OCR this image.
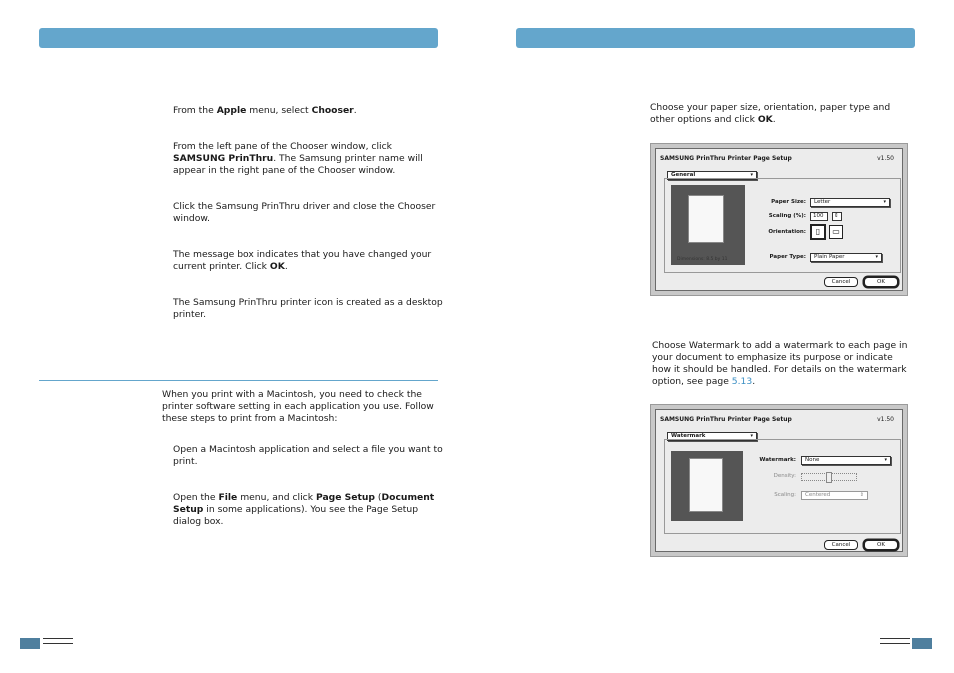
From the Apple menu, select Chooser.
From the left pane of the Chooser window, click SAMSUNG PrinThru. The Samsung printer name will appear in the right pane of the Chooser window.
Click the Samsung PrinThru driver and close the Chooser window.
The message box indicates that you have changed your current printer. Click OK.
The Samsung PrinThru printer icon is created as a desktop printer.
When you print with a Macintosh, you need to check the printer software setting in each application you use. Follow these steps to print from a Macintosh:
Open a Macintosh application and select a file you want to print.
Open the File menu, and click Page Setup (Document Setup in some applications). You see the Page Setup dialog box.
Choose your paper size, orientation, paper type and other options and click OK.
Choose Watermark to add a watermark to each page in your document to emphasize its purpose or indicate how it should be handled. For details on the watermark option, see page 5.13.
SAMSUNG PrinThru Printer Page Setup	v1.50
General	▾
Dimensions: 8.5 by 11
Paper Size:	Letter	▾
Scaling (%):	100	⇕
Orientation:	▯	▭
Paper Type:	Plain Paper	▾
Cancel	OK
SAMSUNG PrinThru Printer Page Setup	v1.50
Watermark	▾
Watermark:	None	▾
Density:
Scaling:	Centered	⇕
Cancel	OK
